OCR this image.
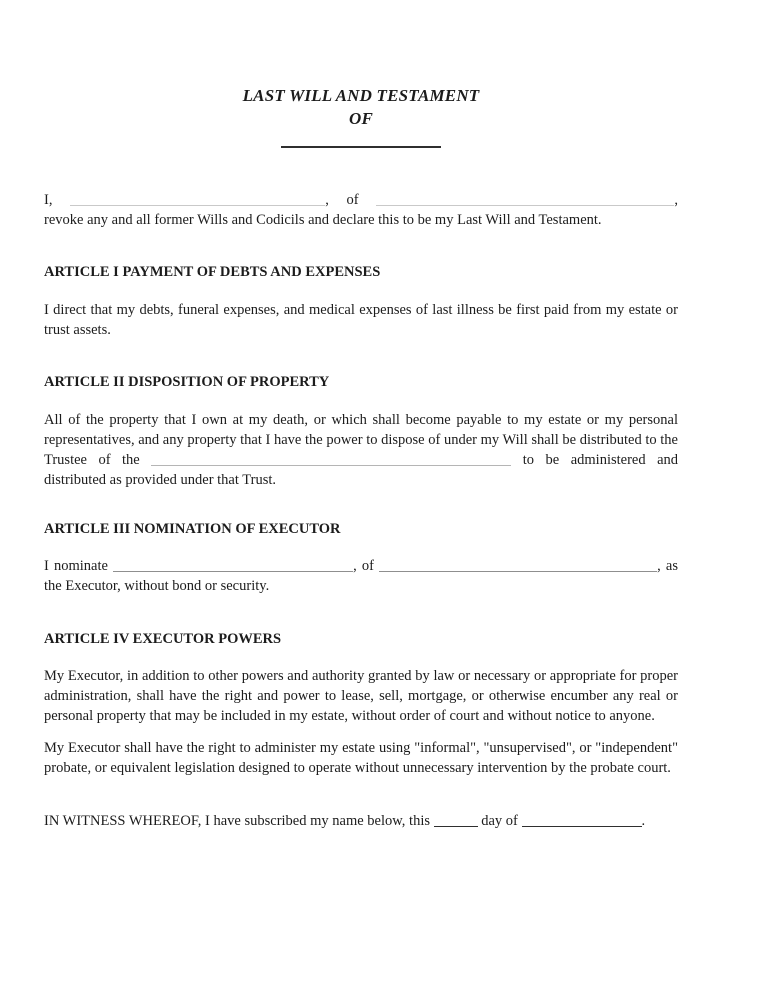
LAST WILL AND TESTAMENT
OF

I,	, of	, revoke any and all former Wills and Codicils and declare this to be my Last Will and Testament.

ARTICLE I PAYMENT OF DEBTS AND EXPENSES

I direct that my debts, funeral expenses, and medical expenses of last illness be first paid from my estate or trust assets.

ARTICLE II DISPOSITION OF PROPERTY

All of the property that I own at my death, or which shall become payable to my estate or my personal representatives, and any property that I have the power to dispose of under my Will shall be distributed to the Trustee of the	to be administered and distributed as provided under that Trust.

ARTICLE III NOMINATION OF EXECUTOR

I nominate	, of	, as the Executor, without bond or security.

ARTICLE IV EXECUTOR POWERS

My Executor, in addition to other powers and authority granted by law or necessary or appropriate for proper administration, shall have the right and power to lease, sell, mortgage, or otherwise encumber any real or personal property that may be included in my estate, without order of court and without notice to anyone.

My Executor shall have the right to administer my estate using "informal", "unsupervised", or "independent" probate, or equivalent legislation designed to operate without unnecessary intervention by the probate court.

IN WITNESS WHEREOF, I have subscribed my name below, this	day of	.
